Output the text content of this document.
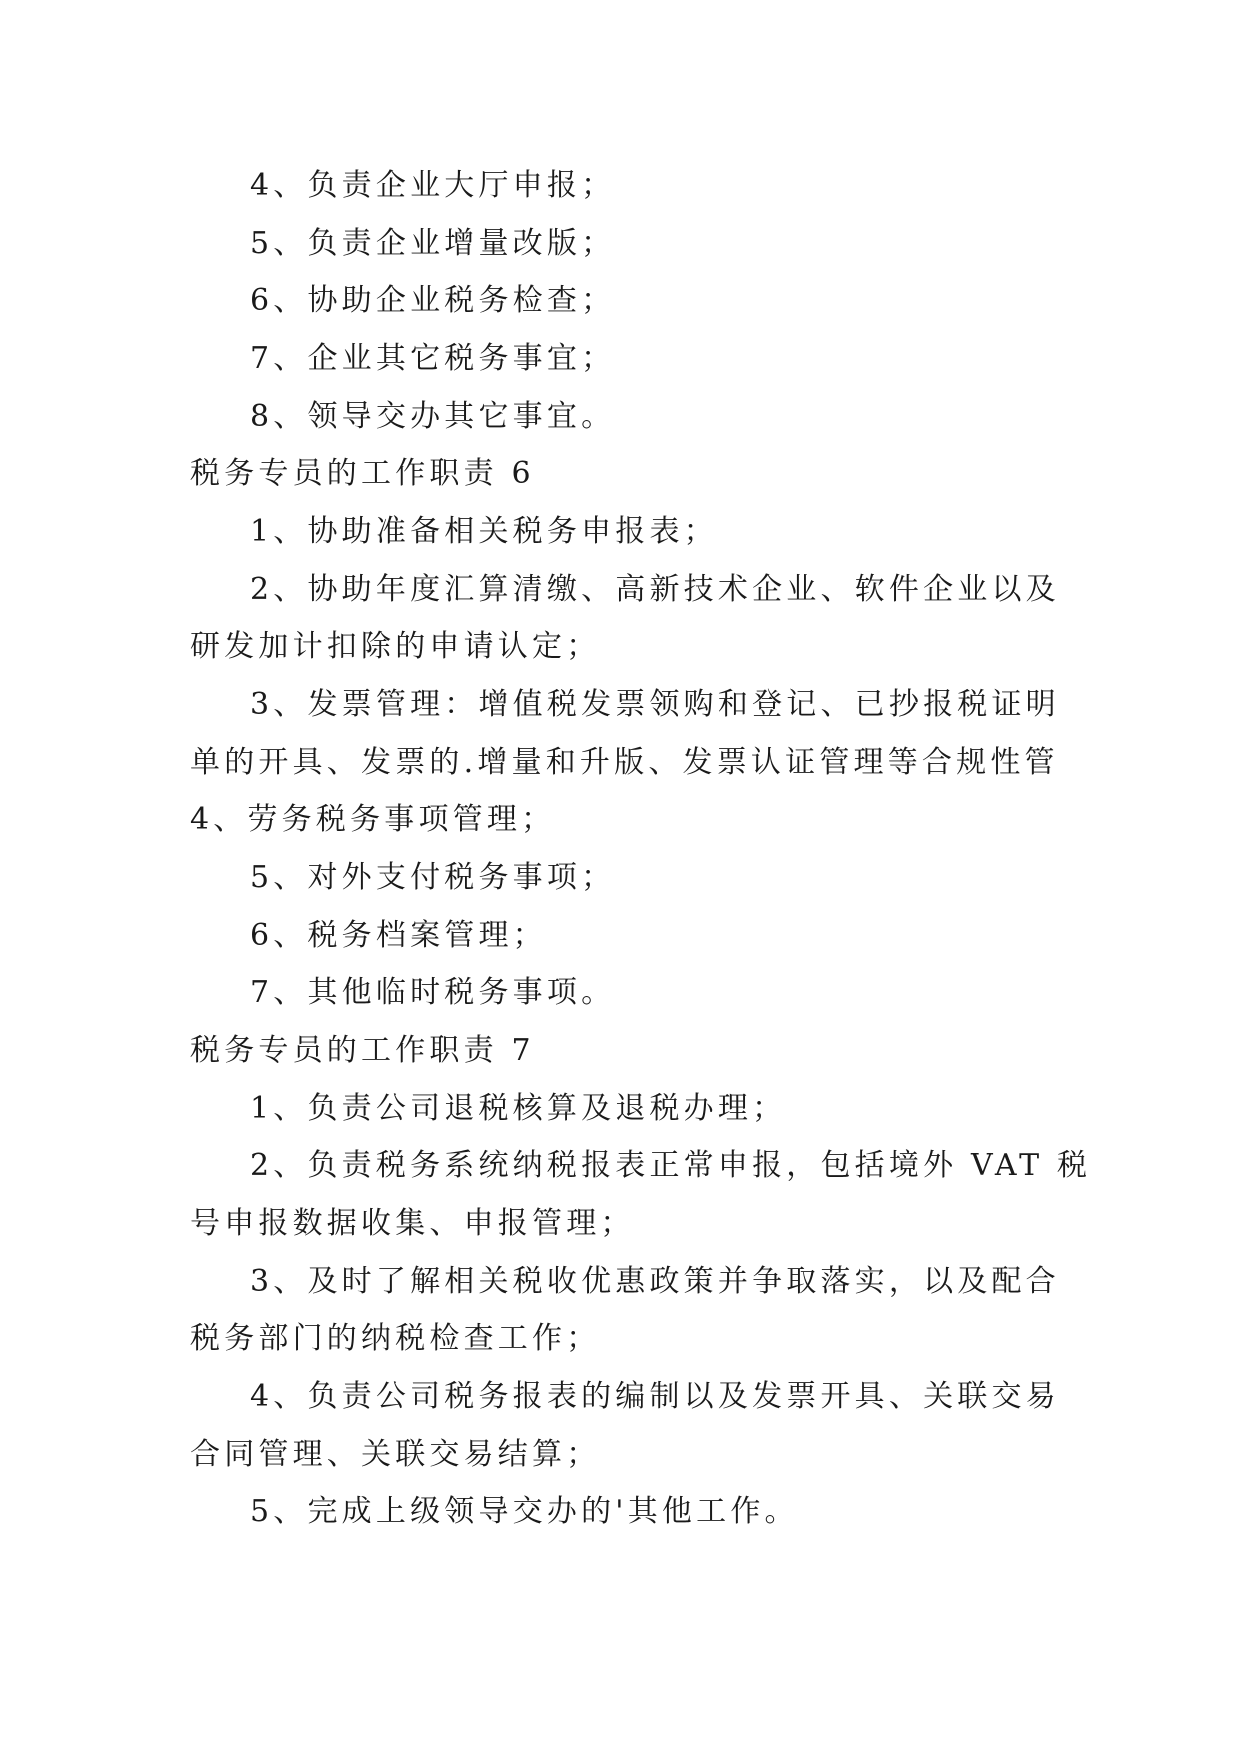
4、负责企业大厅申报；
5、负责企业增量改版；
6、协助企业税务检查；
7、企业其它税务事宜；
8、领导交办其它事宜。
税务专员的工作职责 6
1、协助准备相关税务申报表；
2、协助年度汇算清缴、高新技术企业、软件企业以及
研发加计扣除的申请认定；
3、发票管理：增值税发票领购和登记、已抄报税证明
单的开具、发票的.增量和升版、发票认证管理等合规性管
4、劳务税务事项管理；
5、对外支付税务事项；
6、税务档案管理；
7、其他临时税务事项。
税务专员的工作职责 7
1、负责公司退税核算及退税办理；
2、负责税务系统纳税报表正常申报，包括境外 VAT 税
号申报数据收集、申报管理；
3、及时了解相关税收优惠政策并争取落实，以及配合
税务部门的纳税检查工作；
4、负责公司税务报表的编制以及发票开具、关联交易
合同管理、关联交易结算；
5、完成上级领导交办的'其他工作。
